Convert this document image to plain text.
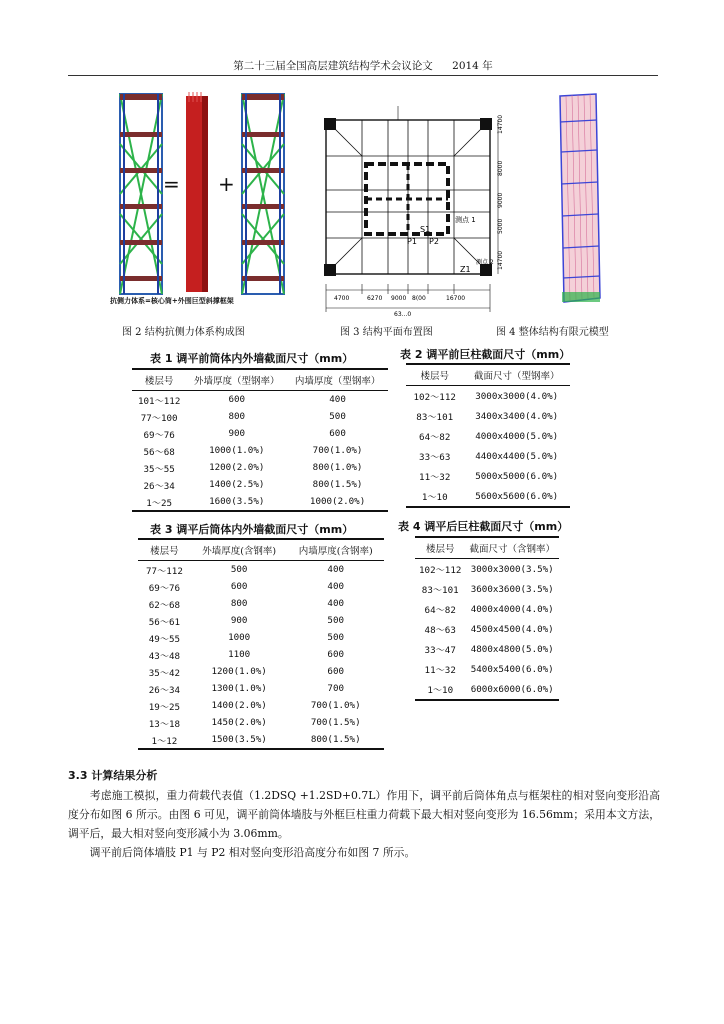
第二十三届全国高层建筑结构学术会议论文 2014 年
= +
抗侧力体系=核心筒+外围巨型斜撑框架
图 2 结构抗侧力体系构成图
S1
P1 P2
Z1
测点 1
测点 2
4700	6270 9000 8(00	16700
63...0
14700
8000
9000
5000
14700
图 3 结构平面布置图	图 4 整体结构有限元模型
表 1 调平前筒体内外墙截面尺寸（mm）
楼层号	外墙厚度（型钢率）	内墙厚度（型钢率）
101～112	600	400
77～100	800	500
69～76	900	600
56～68	1000(1.0%)	700(1.0%)
35～55	1200(2.0%)	800(1.0%)
26～34	1400(2.5%)	800(1.5%)
1～25	1600(3.5%)	1000(2.0%)
表 2 调平前巨柱截面尺寸（mm）
楼层号	截面尺寸（型钢率）
102～112	3000x3000(4.0%)
83～101	3400x3400(4.0%)
64～82	4000x4000(5.0%)
33～63	4400x4400(5.0%)
11～32	5000x5000(6.0%)
1～10	5600x5600(6.0%)
表 3 调平后筒体内外墙截面尺寸（mm）
楼层号	外墙厚度(含钢率)	内墙厚度(含钢率)
77～112	500	400
69～76	600	400
62～68	800	400
56～61	900	500
49～55	1000	500
43～48	1100	600
35～42	1200(1.0%)	600
26～34	1300(1.0%)	700
19～25	1400(2.0%)	700(1.0%)
13～18	1450(2.0%)	700(1.5%)
1～12	1500(3.5%)	800(1.5%)
表 4 调平后巨柱截面尺寸（mm）
楼层号	截面尺寸（含钢率）
102～112	3000x3000(3.5%)
83～101	3600x3600(3.5%)
64～82	4000x4000(4.0%)
48～63	4500x4500(4.0%)
33～47	4800x4800(5.0%)
11～32	5400x5400(6.0%)
1～10	6000x6000(6.0%)
3.3 计算结果分析
　　考虑施工模拟，重力荷载代表值（1.2DSQ +1.2SD+0.7L）作用下，调平前后筒体角点与框架柱的相对竖向变形沿高度分布如图 6 所示。由图 6 可见，调平前筒体墙肢与外框巨柱重力荷载下最大相对竖向变形为 16.56mm；采用本文方法，调平后，最大相对竖向变形减小为 3.06mm。
　　调平前后筒体墙肢 P1 与 P2 相对竖向变形沿高度分布如图 7 所示。
